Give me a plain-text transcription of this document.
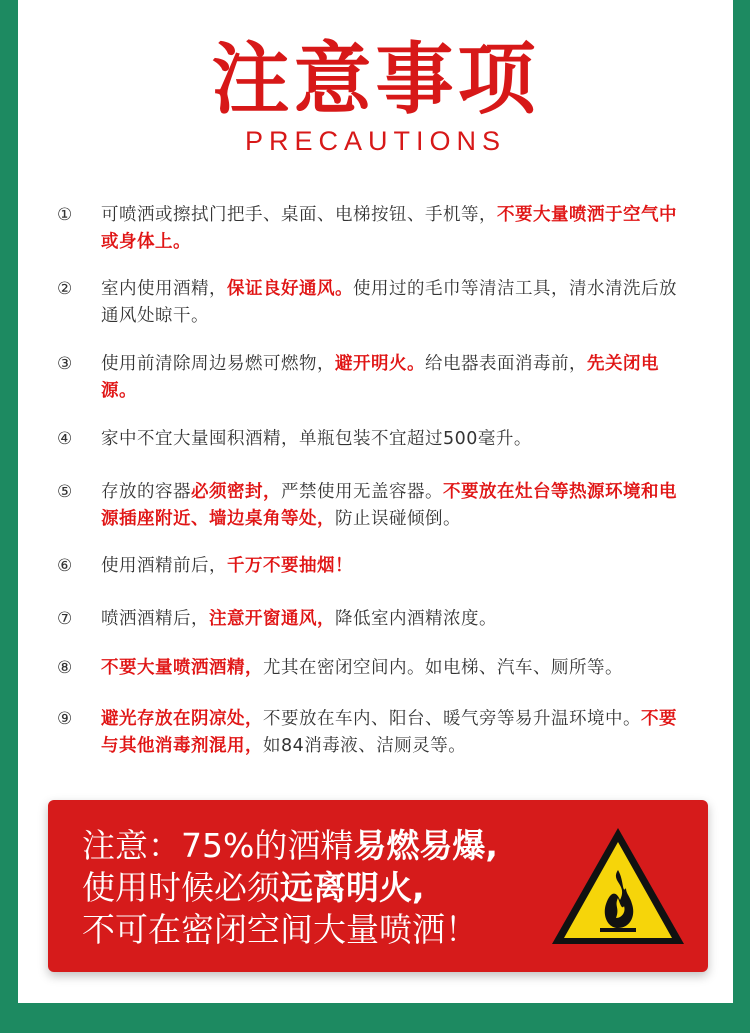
注意事项
PRECAUTIONS
① 可喷洒或擦拭门把手、桌面、电梯按钮、手机等，不要大量喷洒于空气中或身体上。
② 室内使用酒精，保证良好通风。使用过的毛巾等清洁工具，清水清洗后放通风处晾干。
③ 使用前清除周边易燃可燃物，避开明火。给电器表面消毒前，先关闭电源。
④ 家中不宜大量囤积酒精，单瓶包装不宜超过500毫升。
⑤ 存放的容器必须密封，严禁使用无盖容器。不要放在灶台等热源环境和电源插座附近、墙边桌角等处，防止误碰倾倒。
⑥ 使用酒精前后，千万不要抽烟！
⑦ 喷洒酒精后，注意开窗通风，降低室内酒精浓度。
⑧ 不要大量喷洒酒精，尤其在密闭空间内。如电梯、汽车、厕所等。
⑨ 避光存放在阴凉处，不要放在车内、阳台、暖气旁等易升温环境中。不要与其他消毒剂混用，如84消毒液、洁厕灵等。
注意：75%的酒精易燃易爆,
使用时候必须远离明火,
不可在密闭空间大量喷洒！
